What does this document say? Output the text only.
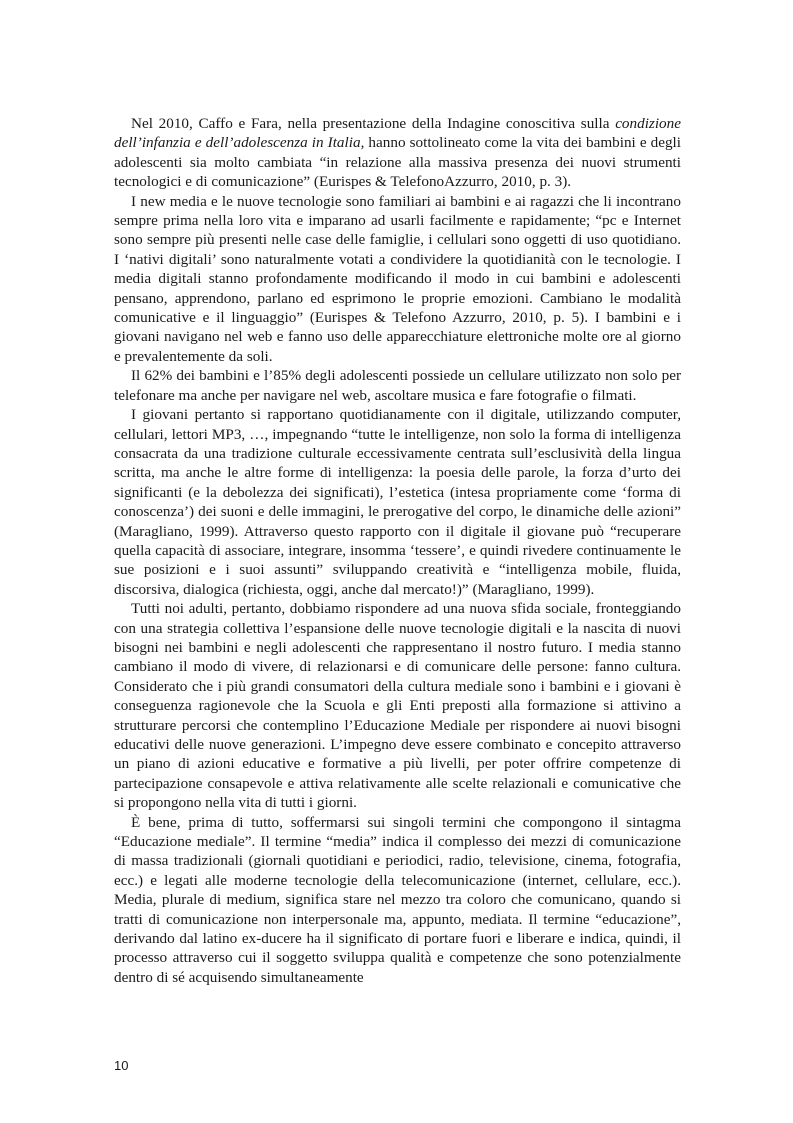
Nel 2010, Caffo e Fara, nella presentazione della Indagine conoscitiva sulla condizione dell’infanzia e dell’adolescenza in Italia, hanno sottolineato come la vita dei bambini e degli adolescenti sia molto cambiata “in relazione alla massiva presenza dei nuovi strumenti tecnologici e di comunicazione” (Eurispes & TelefonoAzzurro, 2010, p. 3).

I new media e le nuove tecnologie sono familiari ai bambini e ai ragazzi che li incontrano sempre prima nella loro vita e imparano ad usarli facilmente e rapidamente; “pc e Internet sono sempre più presenti nelle case delle famiglie, i cellulari sono oggetti di uso quotidiano. I ‘nativi digitali’ sono naturalmente votati a condividere la quotidianità con le tecnologie. I media digitali stanno profondamente modificando il modo in cui bambini e adolescenti pensano, apprendono, parlano ed esprimono le proprie emozioni. Cambiano le modalità comunicative e il linguaggio” (Eurispes & Telefono Azzurro, 2010, p. 5). I bambini e i giovani navigano nel web e fanno uso delle apparecchiature elettroniche molte ore al giorno e prevalentemente da soli.

Il 62% dei bambini e l’85% degli adolescenti possiede un cellulare utilizzato non solo per telefonare ma anche per navigare nel web, ascoltare musica e fare fotografie o filmati.

I giovani pertanto si rapportano quotidianamente con il digitale, utilizzando computer, cellulari, lettori MP3, …, impegnando “tutte le intelligenze, non solo la forma di intelligenza consacrata da una tradizione culturale eccessivamente centrata sull’esclusività della lingua scritta, ma anche le altre forme di intelligenza: la poesia delle parole, la forza d’urto dei significanti (e la debolezza dei significati), l’estetica (intesa propriamente come ‘forma di conoscenza’) dei suoni e delle immagini, le prerogative del corpo, le dinamiche delle azioni” (Maragliano, 1999). Attraverso questo rapporto con il digitale il giovane può “recuperare quella capacità di associare, integrare, insomma ‘tessere’, e quindi rivedere continuamente le sue posizioni e i suoi assunti” sviluppando creatività e “intelligenza mobile, fluida, discorsiva, dialogica (richiesta, oggi, anche dal mercato!)” (Maragliano, 1999).

Tutti noi adulti, pertanto, dobbiamo rispondere ad una nuova sfida sociale, fronteggiando con una strategia collettiva l’espansione delle nuove tecnologie digitali e la nascita di nuovi bisogni nei bambini e negli adolescenti che rappresentano il nostro futuro. I media stanno cambiano il modo di vivere, di relazionarsi e di comunicare delle persone: fanno cultura. Considerato che i più grandi consumatori della cultura mediale sono i bambini e i giovani è conseguenza ragionevole che la Scuola e gli Enti preposti alla formazione si attivino a strutturare percorsi che contemplino l’Educazione Mediale per rispondere ai nuovi bisogni educativi delle nuove generazioni. L’impegno deve essere combinato e concepito attraverso un piano di azioni educative e formative a più livelli, per poter offrire competenze di partecipazione consapevole e attiva relativamente alle scelte relazionali e comunicative che si propongono nella vita di tutti i giorni.

È bene, prima di tutto, soffermarsi sui singoli termini che compongono il sintagma “Educazione mediale”. Il termine “media” indica il complesso dei mezzi di comunicazione di massa tradizionali (giornali quotidiani e periodici, radio, televisione, cinema, fotografia, ecc.) e legati alle moderne tecnologie della telecomunicazione (internet, cellulare, ecc.). Media, plurale di medium, significa stare nel mezzo tra coloro che comunicano, quando si tratti di comunicazione non interpersonale ma, appunto, mediata. Il termine “educazione”, derivando dal latino ex-ducere ha il significato di portare fuori e liberare e indica, quindi, il processo attraverso cui il soggetto sviluppa qualità e competenze che sono potenzialmente dentro di sé acquisendo simultaneamente

10
